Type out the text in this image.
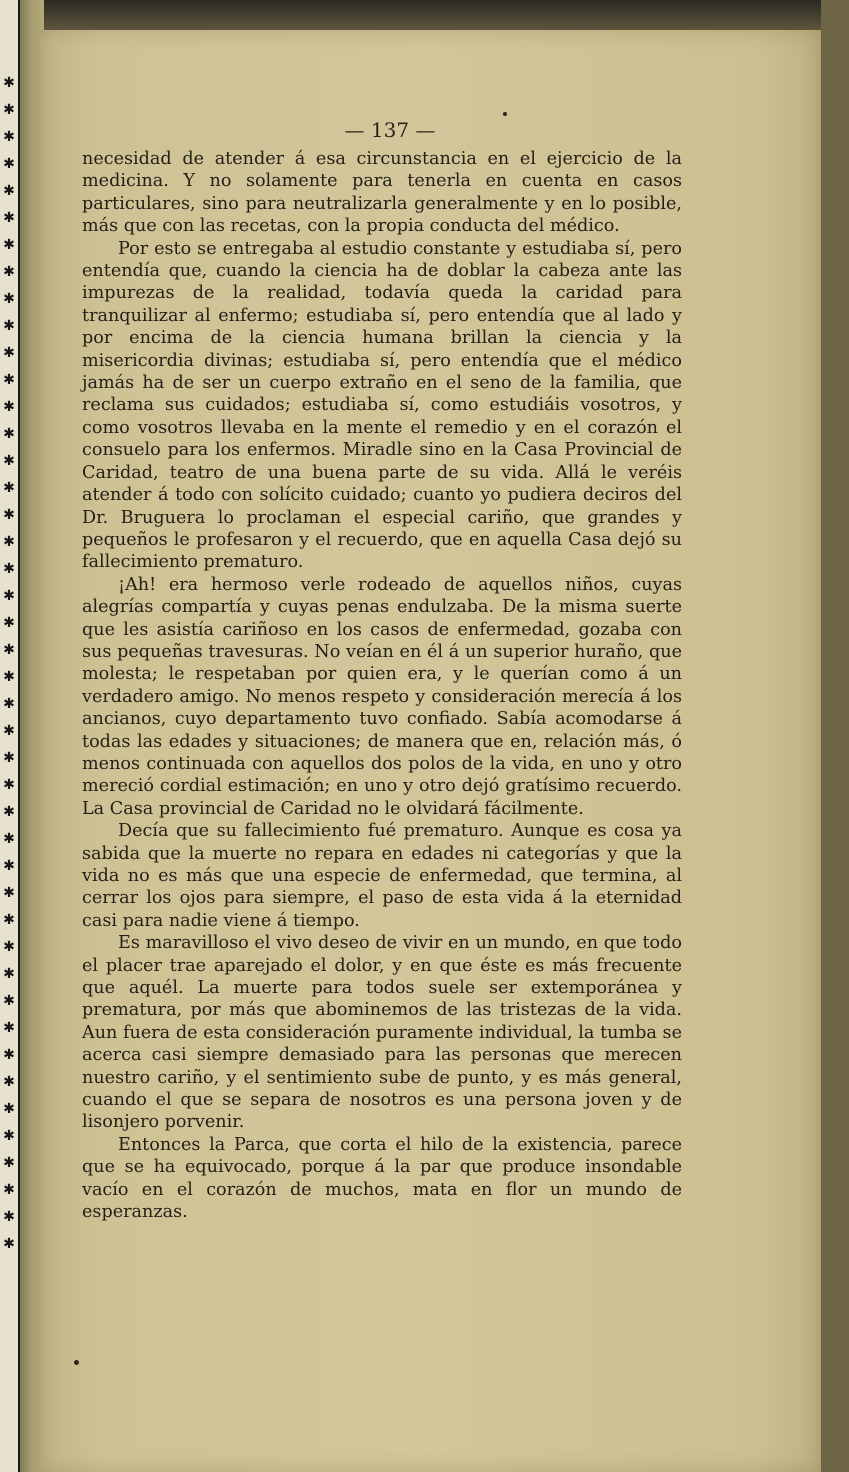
✱ ✱ ✱ ✱ ✱ ✱ ✱ ✱ ✱ ✱ ✱ ✱ ✱ ✱ ✱ ✱ ✱ ✱ ✱ ✱ ✱ ✱ ✱ ✱ ✱ ✱ ✱ ✱ ✱ ✱ ✱ ✱ ✱ ✱ ✱ ✱ ✱ ✱ ✱ ✱ ✱ ✱ ✱ ✱
— 137 —

necesidad de atender á esa circunstancia en el ejercicio de la medicina. Y no solamente para tenerla en cuenta en casos particulares, sino para neutralizarla generalmente y en lo posible, más que con las recetas, con la propia conducta del médico.

Por esto se entregaba al estudio constante y estudiaba sí, pero entendía que, cuando la ciencia ha de doblar la cabeza ante las impurezas de la realidad, todavía queda la caridad para tranquilizar al enfermo; estudiaba sí, pero entendía que al lado y por encima de la ciencia humana brillan la ciencia y la misericordia divinas; estudiaba sí, pero entendía que el médico jamás ha de ser un cuerpo extraño en el seno de la familia, que reclama sus cuidados; estudiaba sí, como estudiáis vosotros, y como vosotros llevaba en la mente el remedio y en el corazón el consuelo para los enfermos. Miradle sino en la Casa Provincial de Caridad, teatro de una buena parte de su vida. Allá le veréis atender á todo con solícito cuidado; cuanto yo pudiera deciros del Dr. Bruguera lo proclaman el especial cariño, que grandes y pequeños le profesaron y el recuerdo, que en aquella Casa dejó su fallecimiento prematuro.

¡Ah! era hermoso verle rodeado de aquellos niños, cuyas alegrías compartía y cuyas penas endulzaba. De la misma suerte que les asistía cariñoso en los casos de enfermedad, gozaba con sus pequeñas travesuras. No veían en él á un superior huraño, que molesta; le respetaban por quien era, y le querían como á un verdadero amigo. No menos respeto y consideración merecía á los ancianos, cuyo departamento tuvo confiado. Sabía acomodarse á todas las edades y situaciones; de manera que en, relación más, ó menos continuada con aquellos dos polos de la vida, en uno y otro mereció cordial estimación; en uno y otro dejó gratísimo recuerdo. La Casa provincial de Caridad no le olvidará fácilmente.

Decía que su fallecimiento fué prematuro. Aunque es cosa ya sabida que la muerte no repara en edades ni categorías y que la vida no es más que una especie de enfermedad, que termina, al cerrar los ojos para siempre, el paso de esta vida á la eternidad casi para nadie viene á tiempo.

Es maravilloso el vivo deseo de vivir en un mundo, en que todo el placer trae aparejado el dolor, y en que éste es más frecuente que aquél. La muerte para todos suele ser extemporánea y prematura, por más que abominemos de las tristezas de la vida. Aun fuera de esta consideración puramente individual, la tumba se acerca casi siempre demasiado para las personas que merecen nuestro cariño, y el sentimiento sube de punto, y es más general, cuando el que se separa de nosotros es una persona joven y de lisonjero porvenir.

Entonces la Parca, que corta el hilo de la existencia, parece que se ha equivocado, porque á la par que produce insondable vacío en el corazón de muchos, mata en flor un mundo de esperanzas.
